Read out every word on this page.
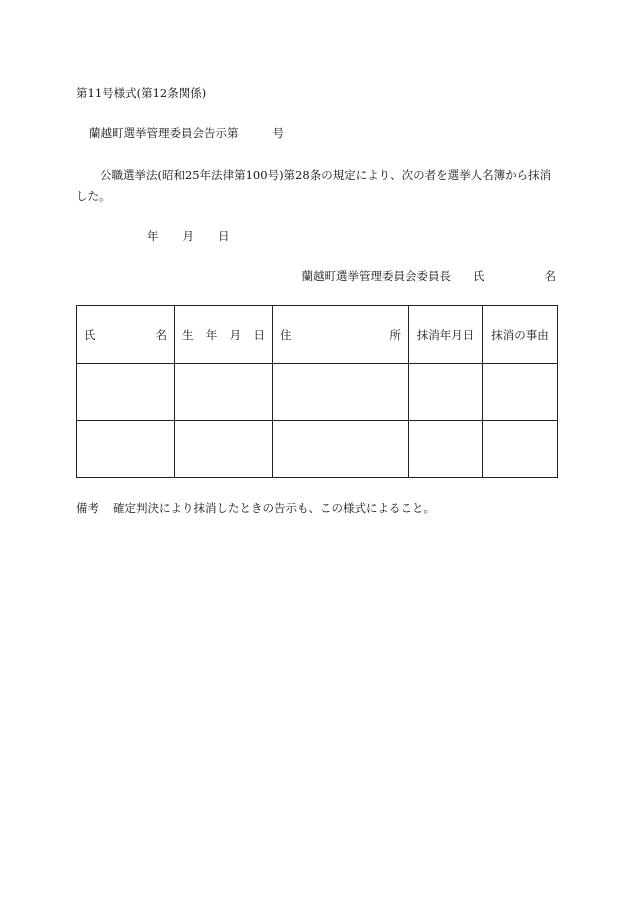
第11号様式(第12条関係)
蘭越町選挙管理委員会告示第	号
公職選挙法(昭和25年法律第100号)第28条の規定により、次の者を選挙人名簿から抹消
した。
年 月 日
蘭越町選挙管理委員会委員長 氏	名
氏 名	生 年 月 日	住 所	抹消年月日	抹消の事由

備考 確定判決により抹消したときの告示も、この様式によること。
